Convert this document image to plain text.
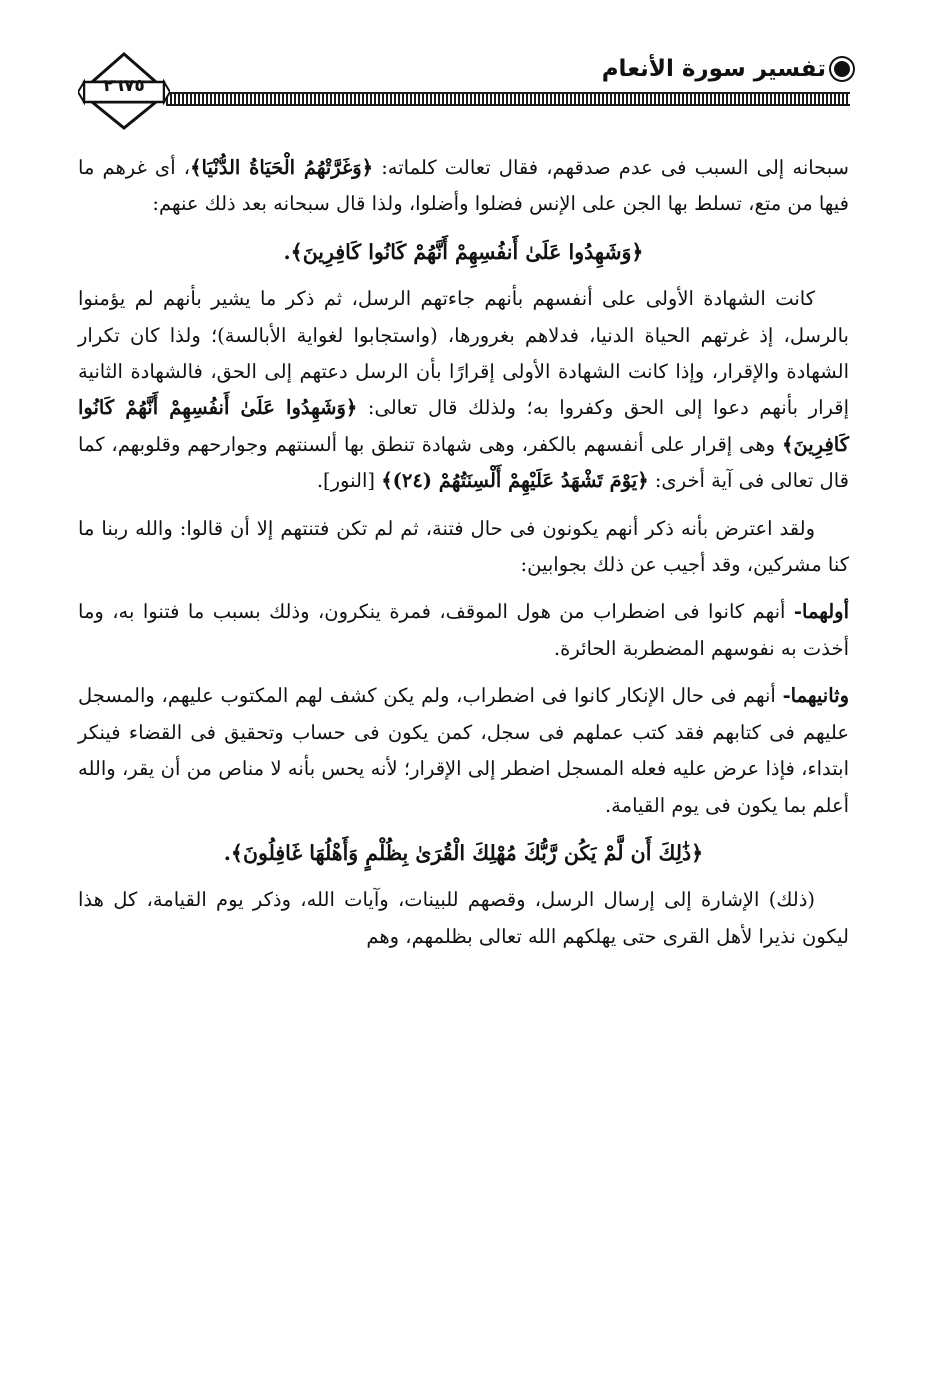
تفسير سورة الأنعام
٢٦٧٥

سبحانه إلى السبب فى عدم صدقهم، فقال تعالت كلماته: ﴿وَغَرَّتْهُمُ الْحَيَاةُ الدُّنْيَا﴾، أى غرهم ما فيها من متع، تسلط بها الجن على الإنس فضلوا وأضلوا، ولذا قال سبحانه بعد ذلك عنهم:

﴿وَشَهِدُوا عَلَىٰ أَنفُسِهِمْ أَنَّهُمْ كَانُوا كَافِرِينَ﴾.

كانت الشهادة الأولى على أنفسهم بأنهم جاءتهم الرسل، ثم ذكر ما يشير بأنهم لم يؤمنوا بالرسل، إذ غرتهم الحياة الدنيا، فدلاهم بغرورها، (واستجابوا لغواية الأبالسة)؛ ولذا كان تكرار الشهادة والإقرار، وإذا كانت الشهادة الأولى إقرارًا بأن الرسل دعتهم إلى الحق، فالشهادة الثانية إقرار بأنهم دعوا إلى الحق وكفروا به؛ ولذلك قال تعالى: ﴿وَشَهِدُوا عَلَىٰ أَنفُسِهِمْ أَنَّهُمْ كَانُوا كَافِرِينَ﴾ وهى إقرار على أنفسهم بالكفر، وهى شهادة تنطق بها ألسنتهم وجوارحهم وقلوبهم، كما قال تعالى فى آية أخرى: ﴿يَوْمَ تَشْهَدُ عَلَيْهِمْ أَلْسِنَتُهُمْ (٢٤)﴾ [النور].

ولقد اعترض بأنه ذكر أنهم يكونون فى حال فتنة، ثم لم تكن فتنتهم إلا أن قالوا: والله ربنا ما كنا مشركين، وقد أجيب عن ذلك بجوابين:

أولهما- أنهم كانوا فى اضطراب من هول الموقف، فمرة ينكرون، وذلك بسبب ما فتنوا به، وما أخذت به نفوسهم المضطربة الحائرة.

وثانيهما- أنهم فى حال الإنكار كانوا فى اضطراب، ولم يكن كشف لهم المكتوب عليهم، والمسجل عليهم فى كتابهم فقد كتب عملهم فى سجل، كمن يكون فى حساب وتحقيق فى القضاء فينكر ابتداء، فإذا عرض عليه فعله المسجل اضطر إلى الإقرار؛ لأنه يحس بأنه لا مناص من أن يقر، والله أعلم بما يكون فى يوم القيامة.

﴿ذَٰلِكَ أَن لَّمْ يَكُن رَّبُّكَ مُهْلِكَ الْقُرَىٰ بِظُلْمٍ وَأَهْلُهَا غَافِلُونَ﴾.

(ذلك) الإشارة إلى إرسال الرسل، وقصهم للبينات، وآيات الله، وذكر يوم القيامة، كل هذا ليكون نذيرا لأهل القرى حتى يهلكهم الله تعالى بظلمهم، وهم
